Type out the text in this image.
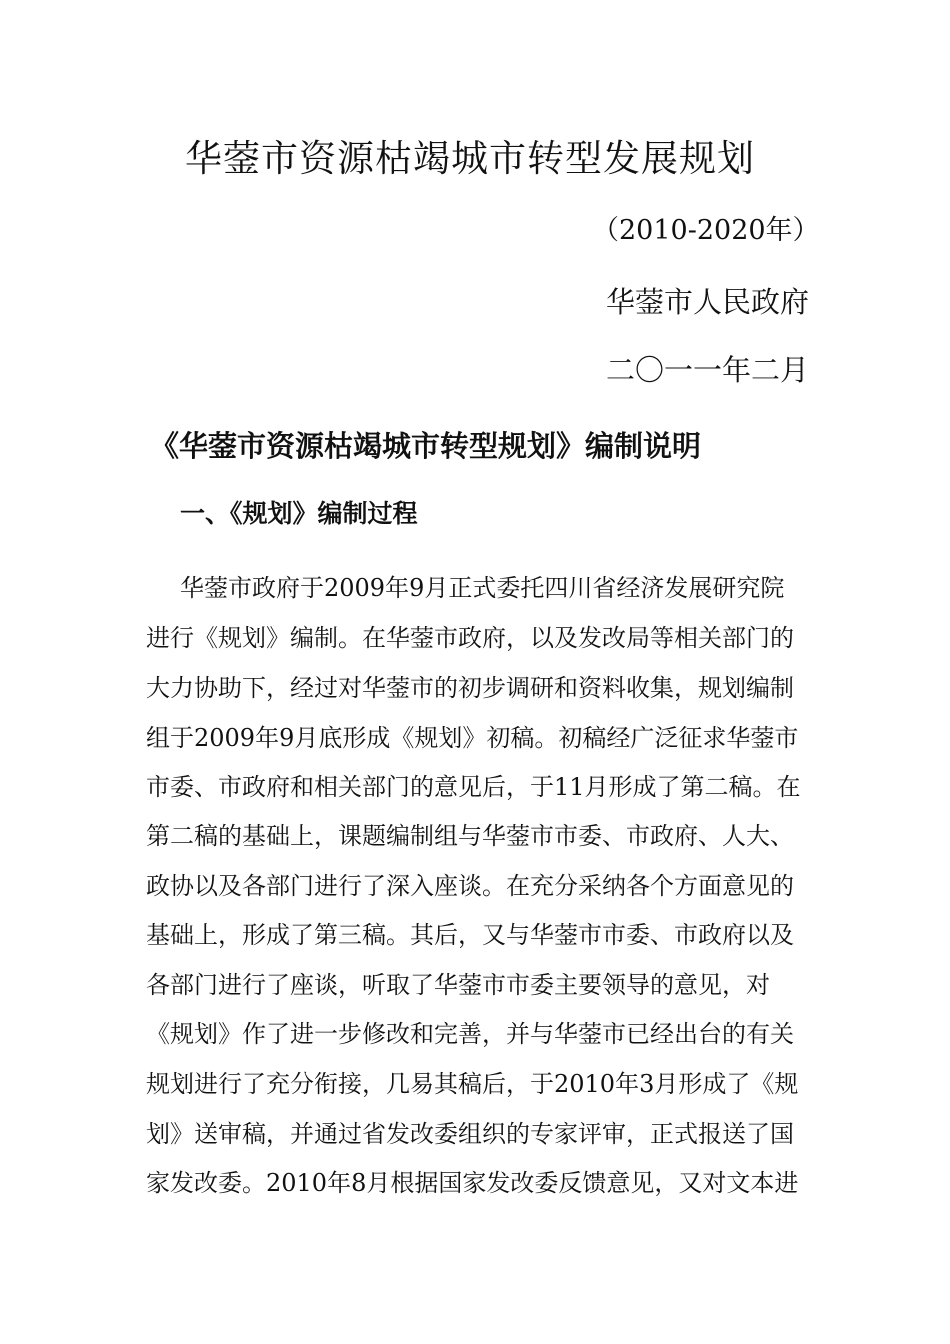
华蓥市资源枯竭城市转型发展规划
（2010-2020年）
华蓥市人民政府
二〇一一年二月
《华蓥市资源枯竭城市转型规划》编制说明
一、《规划》编制过程
华蓥市政府于2009年9月正式委托四川省经济发展研究院
进行《规划》编制。在华蓥市政府，以及发改局等相关部门的
大力协助下，经过对华蓥市的初步调研和资料收集，规划编制
组于2009年9月底形成《规划》初稿。初稿经广泛征求华蓥市
市委、市政府和相关部门的意见后，于11月形成了第二稿。在
第二稿的基础上，课题编制组与华蓥市市委、市政府、人大、
政协以及各部门进行了深入座谈。在充分采纳各个方面意见的
基础上，形成了第三稿。其后，又与华蓥市市委、市政府以及
各部门进行了座谈，听取了华蓥市市委主要领导的意见，对
《规划》作了进一步修改和完善，并与华蓥市已经出台的有关
规划进行了充分衔接，几易其稿后，于2010年3月形成了《规
划》送审稿，并通过省发改委组织的专家评审，正式报送了国
家发改委。2010年8月根据国家发改委反馈意见，又对文本进
